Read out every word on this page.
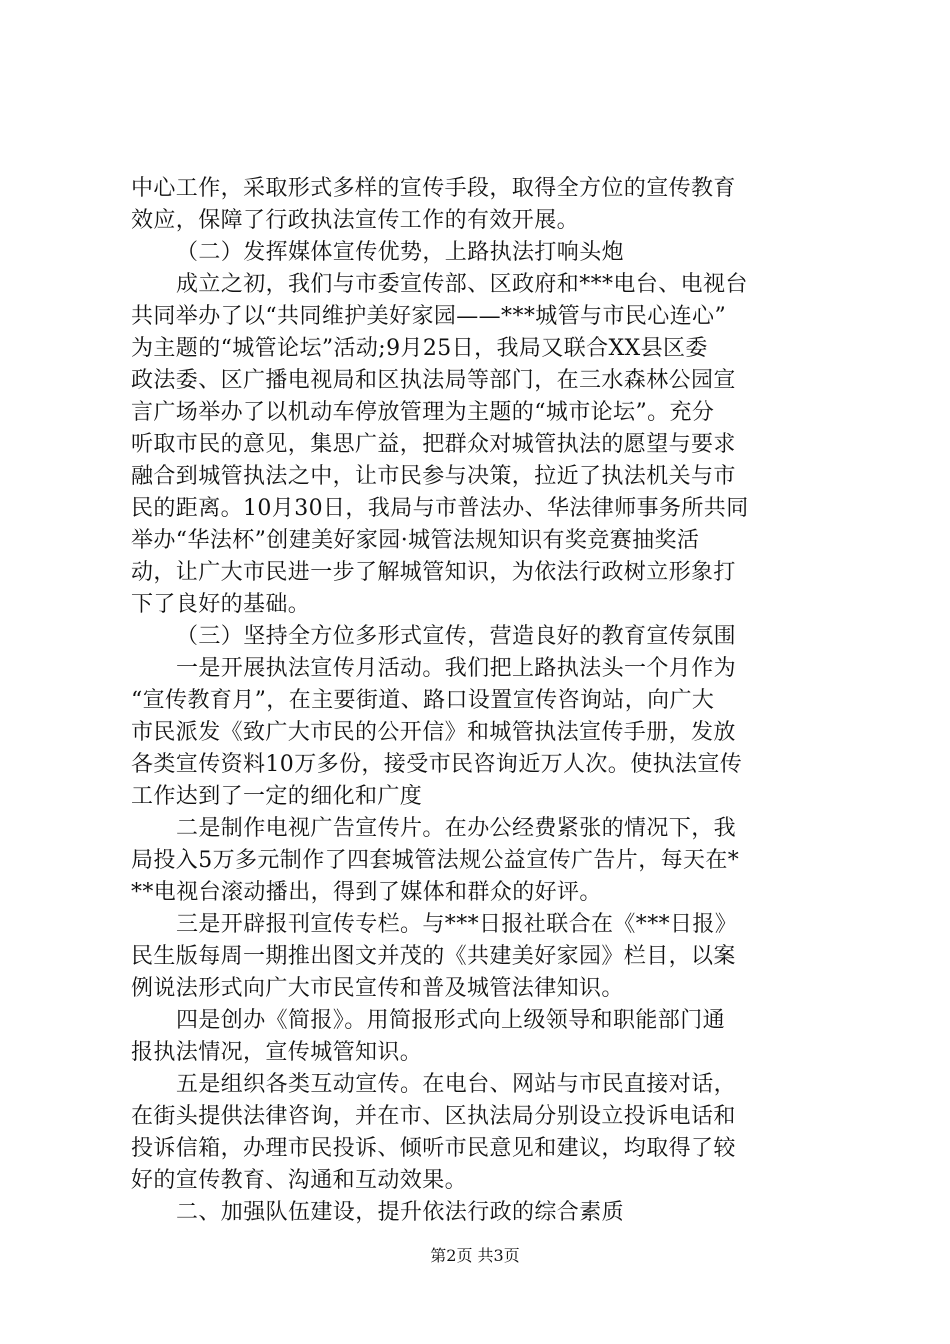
中心工作，采取形式多样的宣传手段，取得全方位的宣传教育
效应，保障了行政执法宣传工作的有效开展。
（二）发挥媒体宣传优势，上路执法打响头炮
成立之初，我们与市委宣传部、区政府和***电台、电视台
共同举办了以“共同维护美好家园——***城管与市民心连心”
为主题的“城管论坛”活动;9月25日，我局又联合XX县区委
政法委、区广播电视局和区执法局等部门，在三水森林公园宣
言广场举办了以机动车停放管理为主题的“城市论坛”。充分
听取市民的意见，集思广益，把群众对城管执法的愿望与要求
融合到城管执法之中，让市民参与决策，拉近了执法机关与市
民的距离。10月30日，我局与市普法办、华法律师事务所共同
举办“华法杯”创建美好家园·城管法规知识有奖竞赛抽奖活
动，让广大市民进一步了解城管知识，为依法行政树立形象打
下了良好的基础。
（三）坚持全方位多形式宣传，营造良好的教育宣传氛围
一是开展执法宣传月活动。我们把上路执法头一个月作为
“宣传教育月”，在主要街道、路口设置宣传咨询站，向广大
市民派发《致广大市民的公开信》和城管执法宣传手册，发放
各类宣传资料10万多份，接受市民咨询近万人次。使执法宣传
工作达到了一定的细化和广度
二是制作电视广告宣传片。在办公经费紧张的情况下，我
局投入5万多元制作了四套城管法规公益宣传广告片，每天在*
**电视台滚动播出，得到了媒体和群众的好评。
三是开辟报刊宣传专栏。与***日报社联合在《***日报》
民生版每周一期推出图文并茂的《共建美好家园》栏目，以案
例说法形式向广大市民宣传和普及城管法律知识。
四是创办《简报》。用简报形式向上级领导和职能部门通
报执法情况，宣传城管知识。
五是组织各类互动宣传。在电台、网站与市民直接对话，
在街头提供法律咨询，并在市、区执法局分别设立投诉电话和
投诉信箱，办理市民投诉、倾听市民意见和建议，均取得了较
好的宣传教育、沟通和互动效果。
二、加强队伍建设，提升依法行政的综合素质
第2页 共3页
